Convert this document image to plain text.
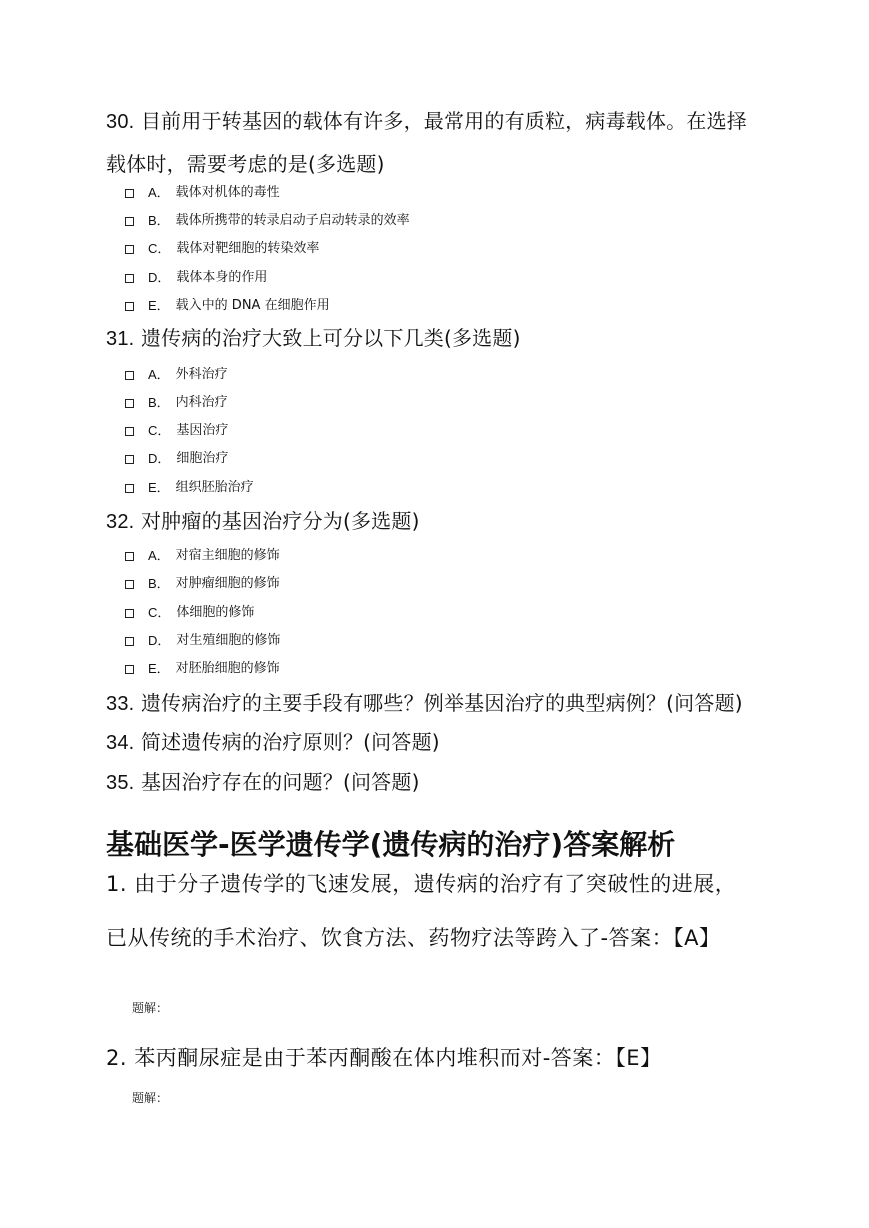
30. 目前用于转基因的载体有许多，最常用的有质粒，病毒载体。在选择载体时，需要考虑的是(多选题)
A． 载体对机体的毒性
B． 载体所携带的转录启动子启动转录的效率
C． 载体对靶细胞的转染效率
D． 载体本身的作用
E． 载入中的 DNA 在细胞作用
31. 遗传病的治疗大致上可分以下几类(多选题)
A． 外科治疗
B． 内科治疗
C． 基因治疗
D． 细胞治疗
E． 组织胚胎治疗
32. 对肿瘤的基因治疗分为(多选题)
A． 对宿主细胞的修饰
B． 对肿瘤细胞的修饰
C． 体细胞的修饰
D． 对生殖细胞的修饰
E． 对胚胎细胞的修饰
33. 遗传病治疗的主要手段有哪些？例举基因治疗的典型病例？(问答题)
34. 简述遗传病的治疗原则？(问答题)
35. 基因治疗存在的问题？(问答题)
基础医学-医学遗传学(遗传病的治疗)答案解析
1. 由于分子遗传学的飞速发展，遗传病的治疗有了突破性的进展，已从传统的手术治疗、饮食方法、药物疗法等跨入了-答案：【A】
题解：
2. 苯丙酮尿症是由于苯丙酮酸在体内堆积而对-答案：【E】
题解：
